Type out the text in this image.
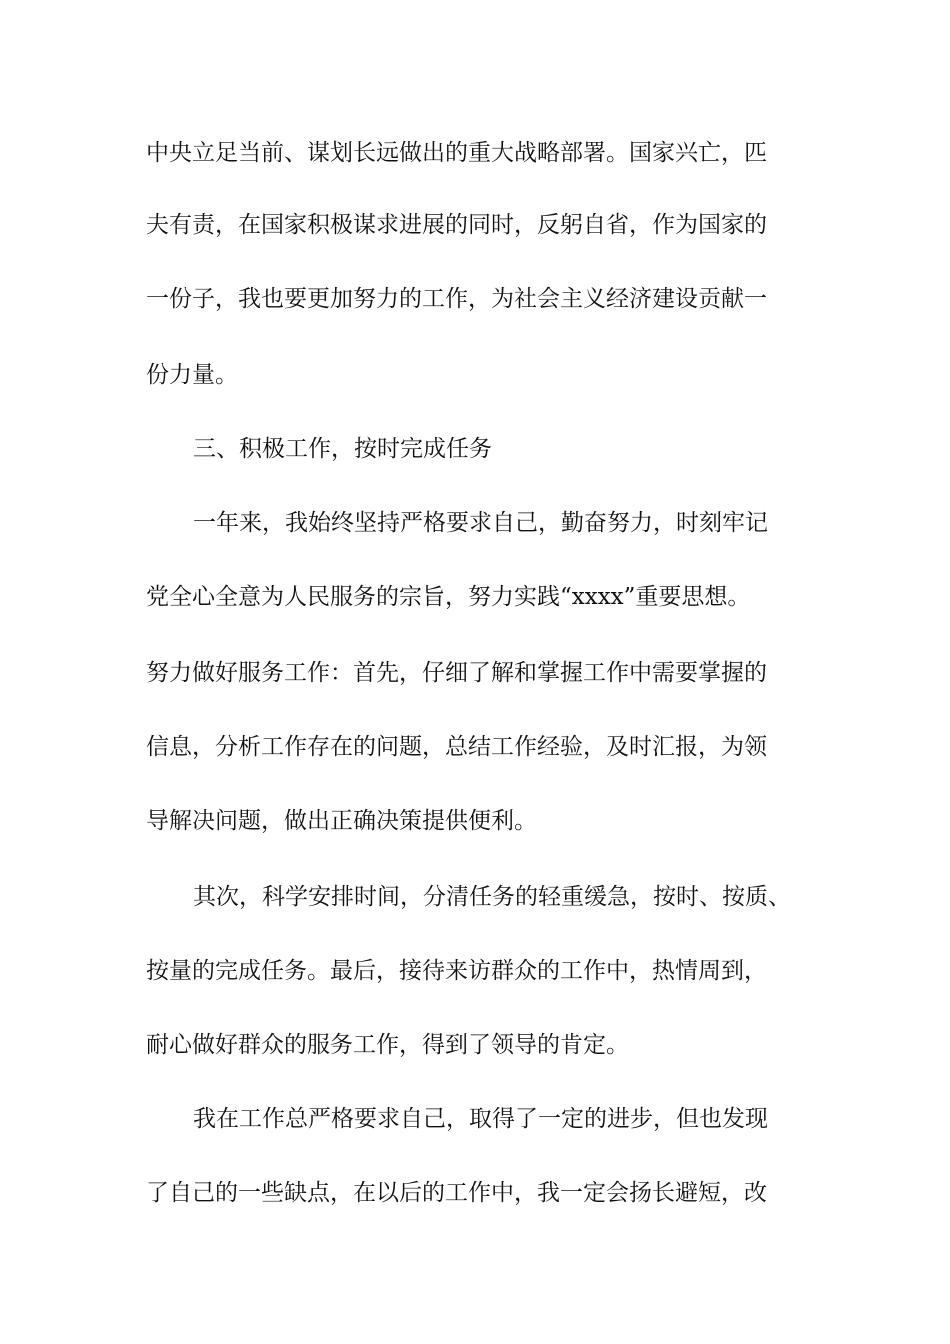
中央立足当前、谋划长远做出的重大战略部署。国家兴亡，匹
夫有责，在国家积极谋求进展的同时，反躬自省，作为国家的
一份子，我也要更加努力的工作，为社会主义经济建设贡献一
份力量。
三、积极工作，按时完成任务
一年来，我始终坚持严格要求自己，勤奋努力，时刻牢记
党全心全意为人民服务的宗旨，努力实践“xxxx”重要思想。
努力做好服务工作：首先，仔细了解和掌握工作中需要掌握的
信息，分析工作存在的问题，总结工作经验，及时汇报，为领
导解决问题，做出正确决策提供便利。
其次，科学安排时间，分清任务的轻重缓急，按时、按质、
按量的完成任务。最后，接待来访群众的工作中，热情周到，
耐心做好群众的服务工作，得到了领导的肯定。
我在工作总严格要求自己，取得了一定的进步，但也发现
了自己的一些缺点，在以后的工作中，我一定会扬长避短，改
